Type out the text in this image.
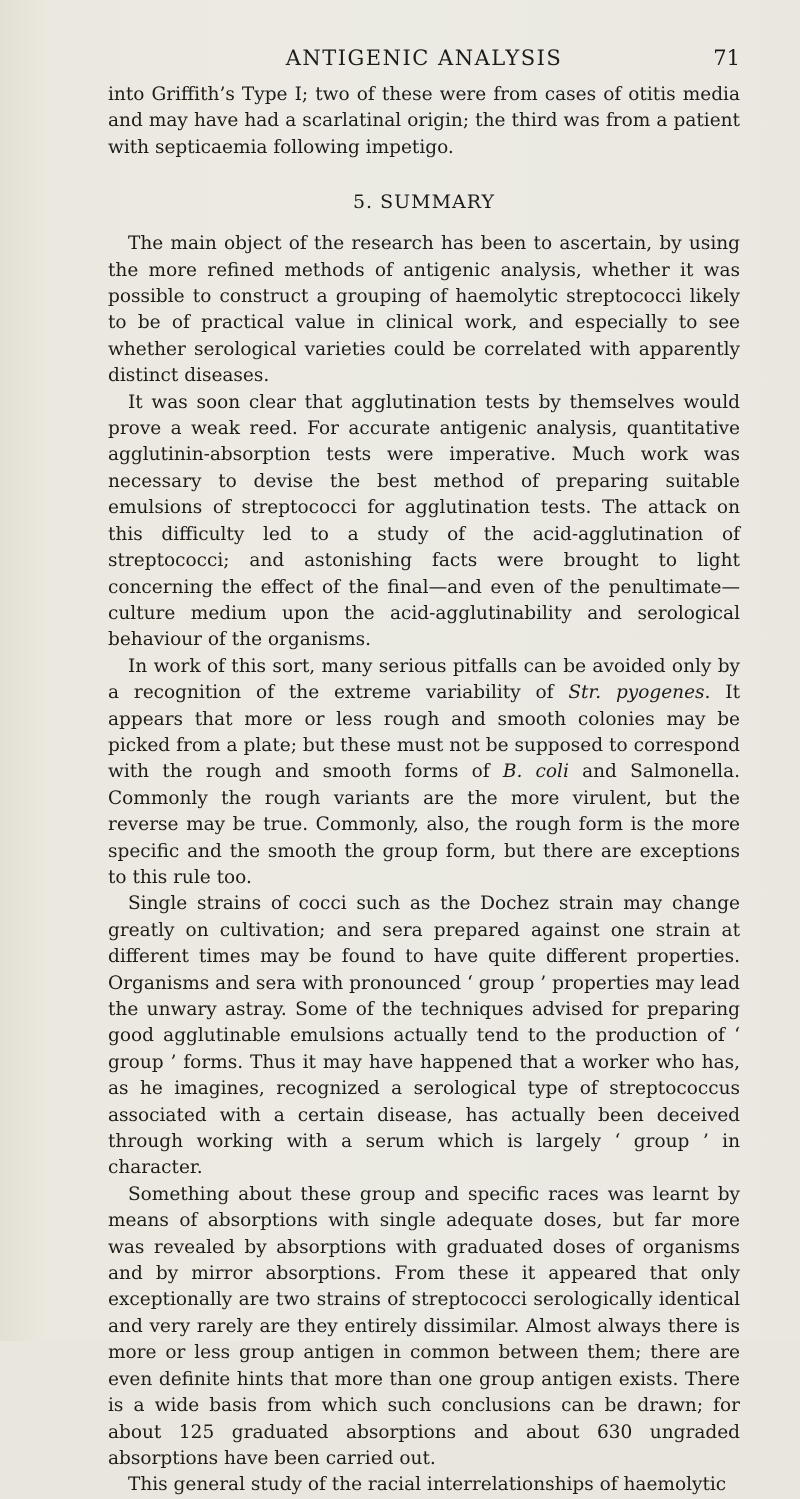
ANTIGENIC ANALYSIS	71

into Griffith’s Type I; two of these were from cases of otitis media and may have had a scarlatinal origin; the third was from a patient with septicaemia following impetigo.

5. SUMMARY

The main object of the research has been to ascertain, by using the more refined methods of antigenic analysis, whether it was possible to construct a grouping of haemolytic streptococci likely to be of practical value in clinical work, and especially to see whether serological varieties could be correlated with apparently distinct diseases.

It was soon clear that agglutination tests by themselves would prove a weak reed. For accurate antigenic analysis, quantitative agglutinin-absorption tests were imperative. Much work was necessary to devise the best method of preparing suitable emulsions of streptococci for agglutination tests. The attack on this difficulty led to a study of the acid-agglutination of streptococci; and astonishing facts were brought to light concerning the effect of the final—and even of the penultimate—culture medium upon the acid-agglutinability and serological behaviour of the organisms.

In work of this sort, many serious pitfalls can be avoided only by a recognition of the extreme variability of Str. pyogenes. It appears that more or less rough and smooth colonies may be picked from a plate; but these must not be supposed to correspond with the rough and smooth forms of B. coli and Salmonella. Commonly the rough variants are the more virulent, but the reverse may be true. Commonly, also, the rough form is the more specific and the smooth the group form, but there are exceptions to this rule too.

Single strains of cocci such as the Dochez strain may change greatly on cultivation; and sera prepared against one strain at different times may be found to have quite different properties. Organisms and sera with pronounced ‘ group ’ properties may lead the unwary astray. Some of the techniques advised for preparing good agglutinable emulsions actually tend to the production of ‘ group ’ forms. Thus it may have happened that a worker who has, as he imagines, recognized a serological type of streptococcus associated with a certain disease, has actually been deceived through working with a serum which is largely ‘ group ’ in character.

Something about these group and specific races was learnt by means of absorptions with single adequate doses, but far more was revealed by absorptions with graduated doses of organisms and by mirror absorptions. From these it appeared that only exceptionally are two strains of streptococci serologically identical and very rarely are they entirely dissimilar. Almost always there is more or less group antigen in common between them; there are even definite hints that more than one group antigen exists. There is a wide basis from which such conclusions can be drawn; for about 125 graduated absorptions and about 630 ungraded absorptions have been carried out.

This general study of the racial interrelationships of haemolytic
